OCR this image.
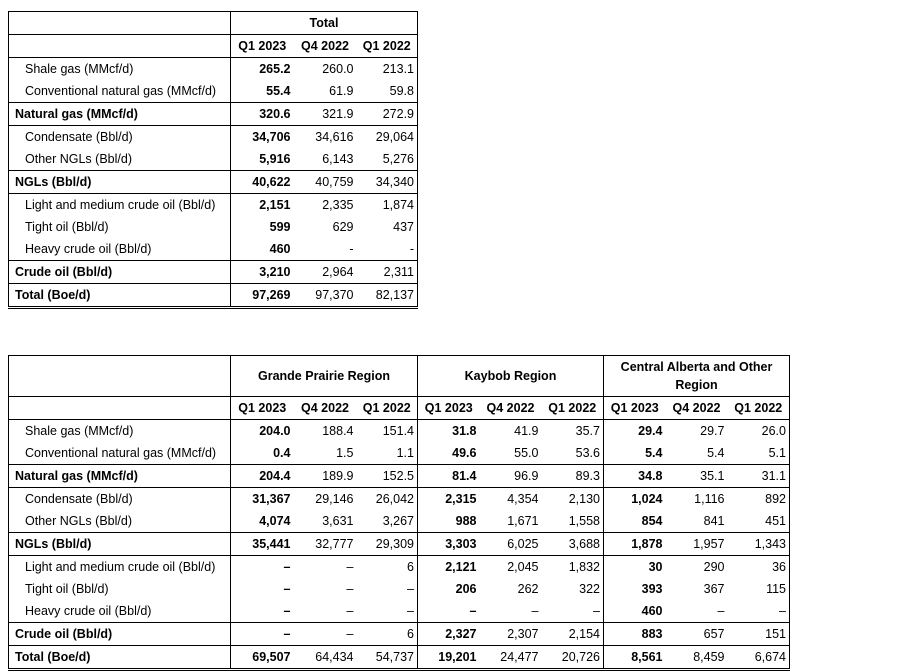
	Total		
	Q1 2023	Q4 2022	Q1 2022
Shale gas (MMcf/d)	265.2	260.0	213.1
Conventional natural gas (MMcf/d)	55.4	61.9	59.8
Natural gas (MMcf/d)	320.6	321.9	272.9
Condensate (Bbl/d)	34,706	34,616	29,064
Other NGLs (Bbl/d)	5,916	6,143	5,276
NGLs (Bbl/d)	40,622	40,759	34,340
Light and medium crude oil (Bbl/d)	2,151	2,335	1,874
Tight oil (Bbl/d)	599	629	437
Heavy crude oil (Bbl/d)	460	-	-
Crude oil (Bbl/d)	3,210	2,964	2,311
Total (Boe/d)	97,269	97,370	82,137
	Grande Prairie Region			Kaybob Region			Central Alberta and Other Region		
	Q1 2023	Q4 2022	Q1 2022	Q1 2023	Q4 2022	Q1 2022	Q1 2023	Q4 2022	Q1 2022
Shale gas (MMcf/d)	204.0	188.4	151.4	31.8	41.9	35.7	29.4	29.7	26.0
Conventional natural gas (MMcf/d)	0.4	1.5	1.1	49.6	55.0	53.6	5.4	5.4	5.1
Natural gas (MMcf/d)	204.4	189.9	152.5	81.4	96.9	89.3	34.8	35.1	31.1
Condensate (Bbl/d)	31,367	29,146	26,042	2,315	4,354	2,130	1,024	1,116	892
Other NGLs (Bbl/d)	4,074	3,631	3,267	988	1,671	1,558	854	841	451
NGLs (Bbl/d)	35,441	32,777	29,309	3,303	6,025	3,688	1,878	1,957	1,343
Light and medium crude oil (Bbl/d)	–	–	6	2,121	2,045	1,832	30	290	36
Tight oil (Bbl/d)	–	–	–	206	262	322	393	367	115
Heavy crude oil (Bbl/d)	–	–	–	–	–	–	460	–	–
Crude oil (Bbl/d)	–	–	6	2,327	2,307	2,154	883	657	151
Total (Boe/d)	69,507	64,434	54,737	19,201	24,477	20,726	8,561	8,459	6,674
